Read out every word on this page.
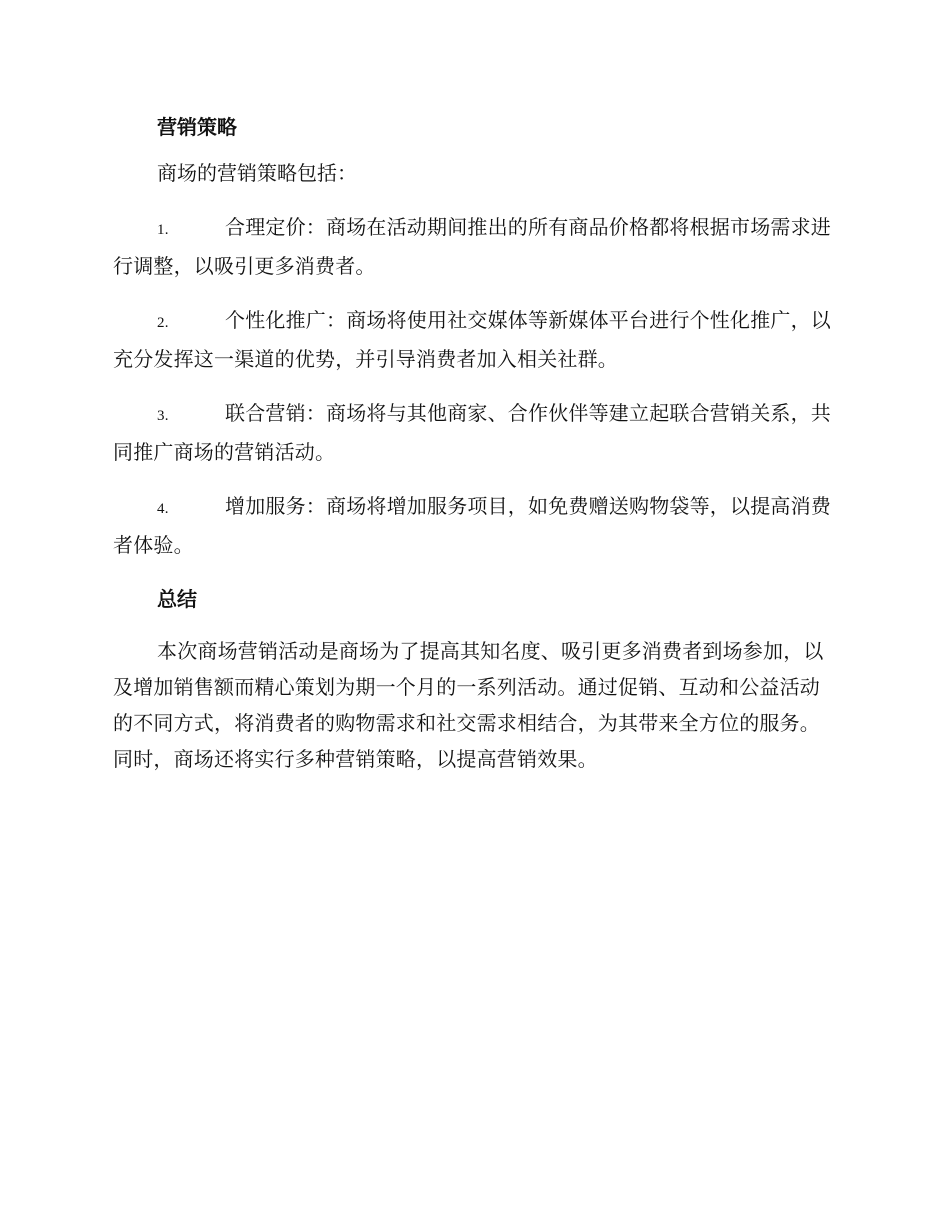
营销策略

商场的营销策略包括：

1.	合理定价：商场在活动期间推出的所有商品价格都将根据市场需求进行调整，以吸引更多消费者。

2.	个性化推广：商场将使用社交媒体等新媒体平台进行个性化推广，以充分发挥这一渠道的优势，并引导消费者加入相关社群。

3.	联合营销：商场将与其他商家、合作伙伴等建立起联合营销关系，共同推广商场的营销活动。

4.	增加服务：商场将增加服务项目，如免费赠送购物袋等，以提高消费者体验。

总结

本次商场营销活动是商场为了提高其知名度、吸引更多消费者到场参加，以及增加销售额而精心策划为期一个月的一系列活动。通过促销、互动和公益活动的不同方式，将消费者的购物需求和社交需求相结合，为其带来全方位的服务。同时，商场还将实行多种营销策略，以提高营销效果。
